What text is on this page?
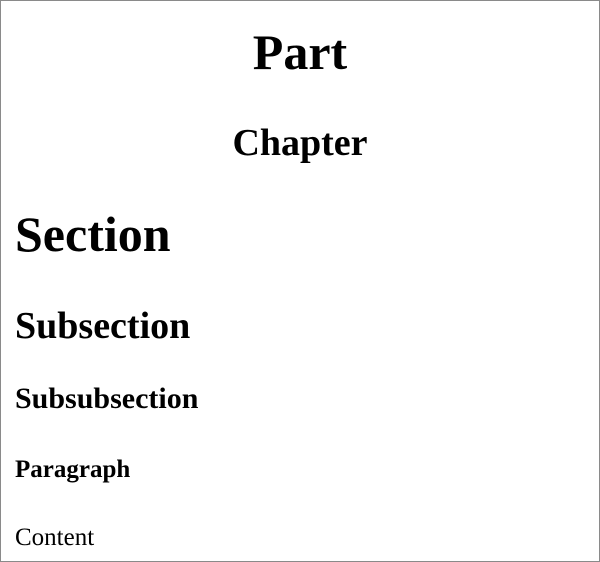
Part
Chapter
Section
Subsection
Subsubsection
Paragraph

Content
